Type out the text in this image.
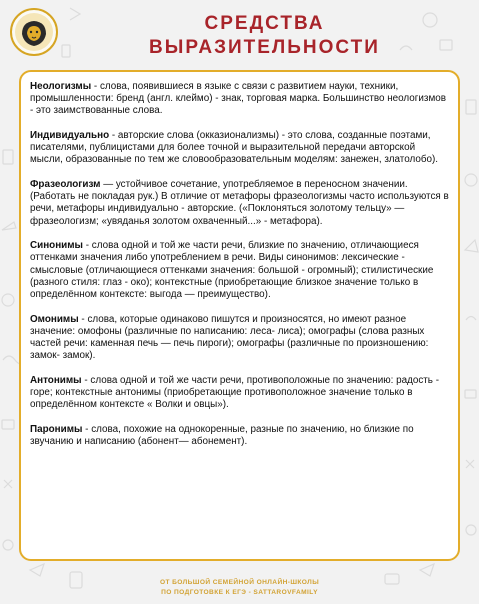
СРЕДСТВА
ВЫРАЗИТЕЛЬНОСТИ

Неологизмы - слова, появившиеся в языке с связи с развитием науки, техники, промышленности: бренд (англ. клеймо) - знак, торговая марка. Большинство неологизмов - это заимствованные слова.

Индивидуально - авторские слова (окказионализмы) - это слова, созданные поэтами, писателями, публицистами для более точной и выразительной передачи авторской мысли, образованные по тем же словообразовательным моделям: занежен, златолобо).

Фразеологизм — устойчивое сочетание, употребляемое в переносном значении. (Работать не покладая рук.) В отличие от метафоры фразеологизмы часто используются в речи, метафоры индивидуально - авторские. («Поклоняться золотому тельцу» — фразеологизм; «увяданья золотом охваченный...» - метафора).

Синонимы - слова одной и той же части речи, близкие по значению, отличающиеся оттенками значения либо употреблением в речи. Виды синонимов: лексические - смысловые (отличающиеся оттенками значения: большой - огромный); стилистические (разного стиля: глаз - око); контекстные (приобретающие близкое значение только в определённом контексте: выгода — преимущество).

Омонимы - слова, которые одинаково пишутся и произносятся, но имеют разное значение: омофоны (различные по написанию: леса- лиса); омографы (слова разных частей речи: каменная печь — печь пироги); омографы (различные по произношению: замок- замок).

Антонимы - слова одной и той же части речи, противоположные по значению: радость - горе; контекстные антонимы (приобретающие противоположное значение только в определённом контексте « Волки и овцы»).

Паронимы - слова, похожие на однокоренные, разные по значению, но близкие по звучанию и написанию (абонент— абонемент).

ОТ БОЛЬШОЙ СЕМЕЙНОЙ ОНЛАЙН-ШКОЛЫ
ПО ПОДГОТОВКЕ К ЕГЭ - SATTAROVFAMILY
